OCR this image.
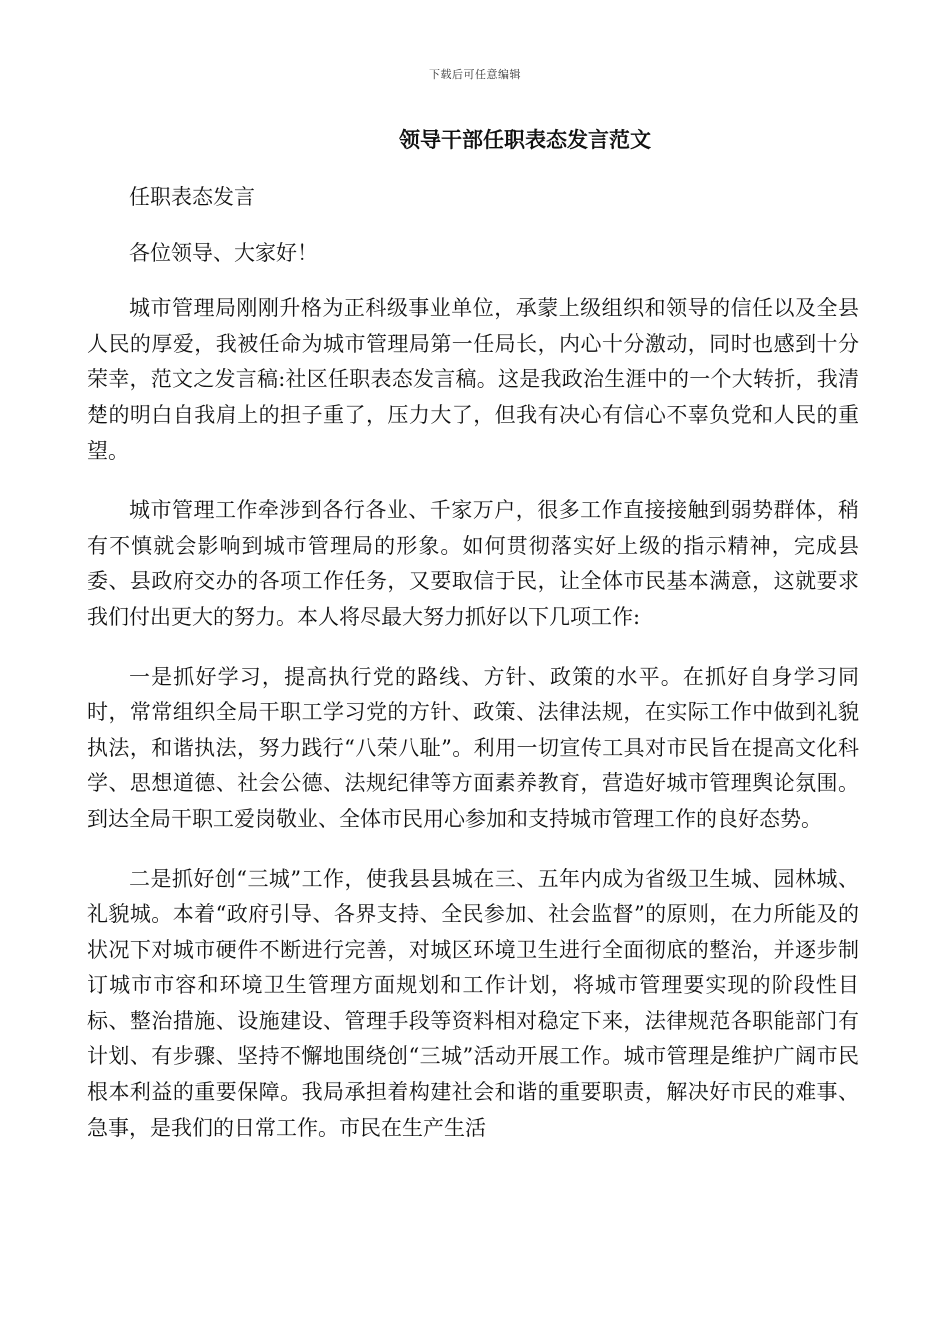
下载后可任意编辑
领导干部任职表态发言范文

任职表态发言

各位领导、大家好！

城市管理局刚刚升格为正科级事业单位，承蒙上级组织和领导的信任以及全县人民的厚爱，我被任命为城市管理局第一任局长，内心十分激动，同时也感到十分荣幸，范文之发言稿:社区任职表态发言稿。这是我政治生涯中的一个大转折，我清楚的明白自我肩上的担子重了，压力大了，但我有决心有信心不辜负党和人民的重望。

城市管理工作牵涉到各行各业、千家万户，很多工作直接接触到弱势群体，稍有不慎就会影响到城市管理局的形象。如何贯彻落实好上级的指示精神，完成县委、县政府交办的各项工作任务，又要取信于民，让全体市民基本满意，这就要求我们付出更大的努力。本人将尽最大努力抓好以下几项工作:

一是抓好学习，提高执行党的路线、方针、政策的水平。在抓好自身学习同时，常常组织全局干职工学习党的方针、政策、法律法规，在实际工作中做到礼貌执法，和谐执法，努力践行“八荣八耻”。利用一切宣传工具对市民旨在提高文化科学、思想道德、社会公德、法规纪律等方面素养教育，营造好城市管理舆论氛围。到达全局干职工爱岗敬业、全体市民用心参加和支持城市管理工作的良好态势。

二是抓好创“三城”工作，使我县县城在三、五年内成为省级卫生城、园林城、礼貌城。本着“政府引导、各界支持、全民参加、社会监督”的原则，在力所能及的状况下对城市硬件不断进行完善，对城区环境卫生进行全面彻底的整治，并逐步制订城市市容和环境卫生管理方面规划和工作计划，将城市管理要实现的阶段性目标、整治措施、设施建设、管理手段等资料相对稳定下来，法律规范各职能部门有计划、有步骤、坚持不懈地围绕创“三城”活动开展工作。城市管理是维护广阔市民根本利益的重要保障。我局承担着构建社会和谐的重要职责，解决好市民的难事、急事，是我们的日常工作。市民在生产生活
